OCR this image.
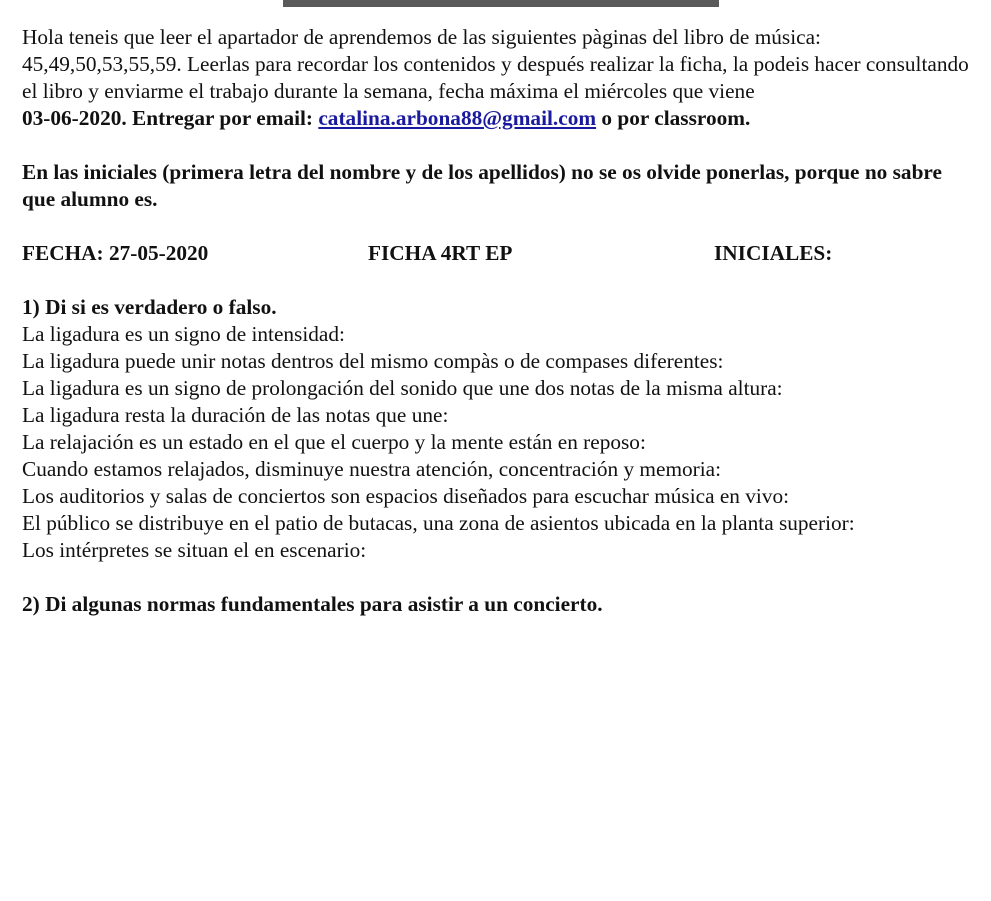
Hola teneis que leer el apartador de aprendemos de las siguientes pàginas del libro de música: 45,49,50,53,55,59. Leerlas para recordar los contenidos y después realizar la ficha, la podeis hacer consultando el libro y enviarme el trabajo durante la semana, fecha máxima el miércoles que viene
03-06-2020. Entregar por email: catalina.arbona88@gmail.com o por classroom.

En las iniciales (primera letra del nombre y de los apellidos) no se os olvide ponerlas, porque no sabre que alumno es.

FECHA: 27-05-2020	FICHA 4RT EP	INICIALES:

1) Di si es verdadero o falso.

La ligadura es un signo de intensidad:

La ligadura puede unir notas dentros del mismo compàs o de compases diferentes:

La ligadura es un signo de prolongación del sonido que une dos notas de la misma altura:

La ligadura resta la duración de las notas que une:

La relajación es un estado en el que el cuerpo y la mente están en reposo:

Cuando estamos relajados, disminuye nuestra atención, concentración y memoria:

Los auditorios y salas de conciertos son espacios diseñados para escuchar música en vivo:

El público se distribuye en el patio de butacas, una zona de asientos ubicada en la planta superior:

Los intérpretes se situan el en escenario:

2) Di algunas normas fundamentales para asistir a un concierto.
